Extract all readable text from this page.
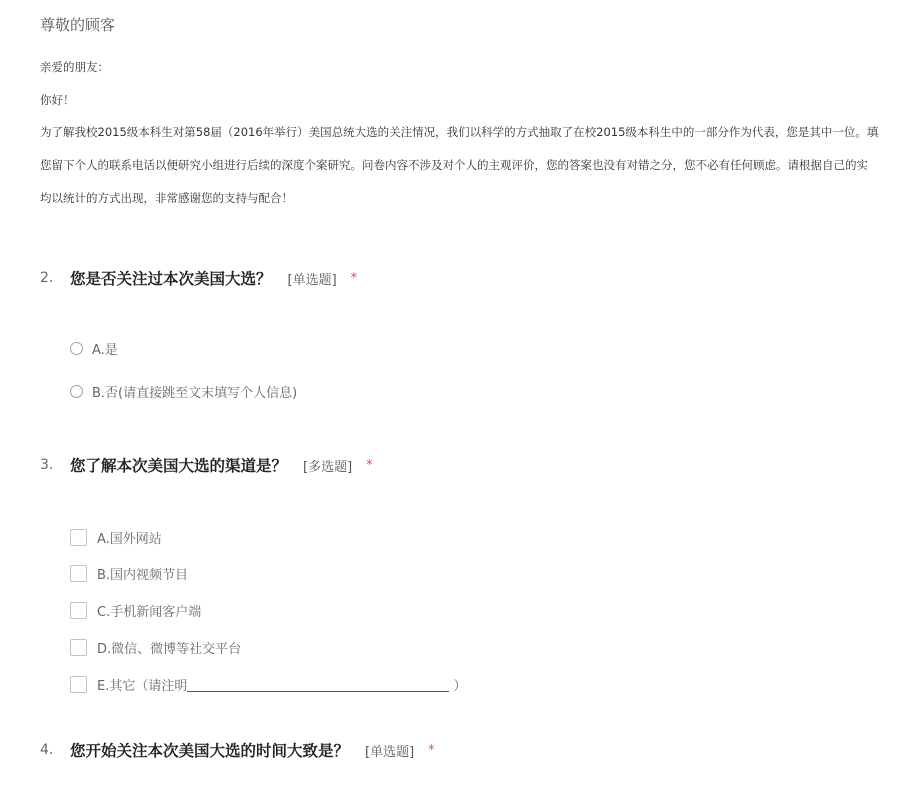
尊敬的顾客
亲爱的朋友：
你好！
为了解我校2015级本科生对第58届（2016年举行）美国总统大选的关注情况，我们以科学的方式抽取了在校2015级本科生中的一部分作为代表，您是其中一位。填
您留下个人的联系电话以便研究小组进行后续的深度个案研究。问卷内容不涉及对个人的主观评价，您的答案也没有对错之分，您不必有任何顾虑。请根据自己的实
均以统计的方式出现，非常感谢您的支持与配合！
2.	您是否关注过本次美国大选？ [单选题] *
A.是
B.否(请直接跳至文末填写个人信息)
3.	您了解本次美国大选的渠道是？ [多选题] *
A.国外网站
B.国内视频节目
C.手机新闻客户端
D.微信、微博等社交平台
E.其它（请注明	）
4.	您开始关注本次美国大选的时间大致是？ [单选题] *
